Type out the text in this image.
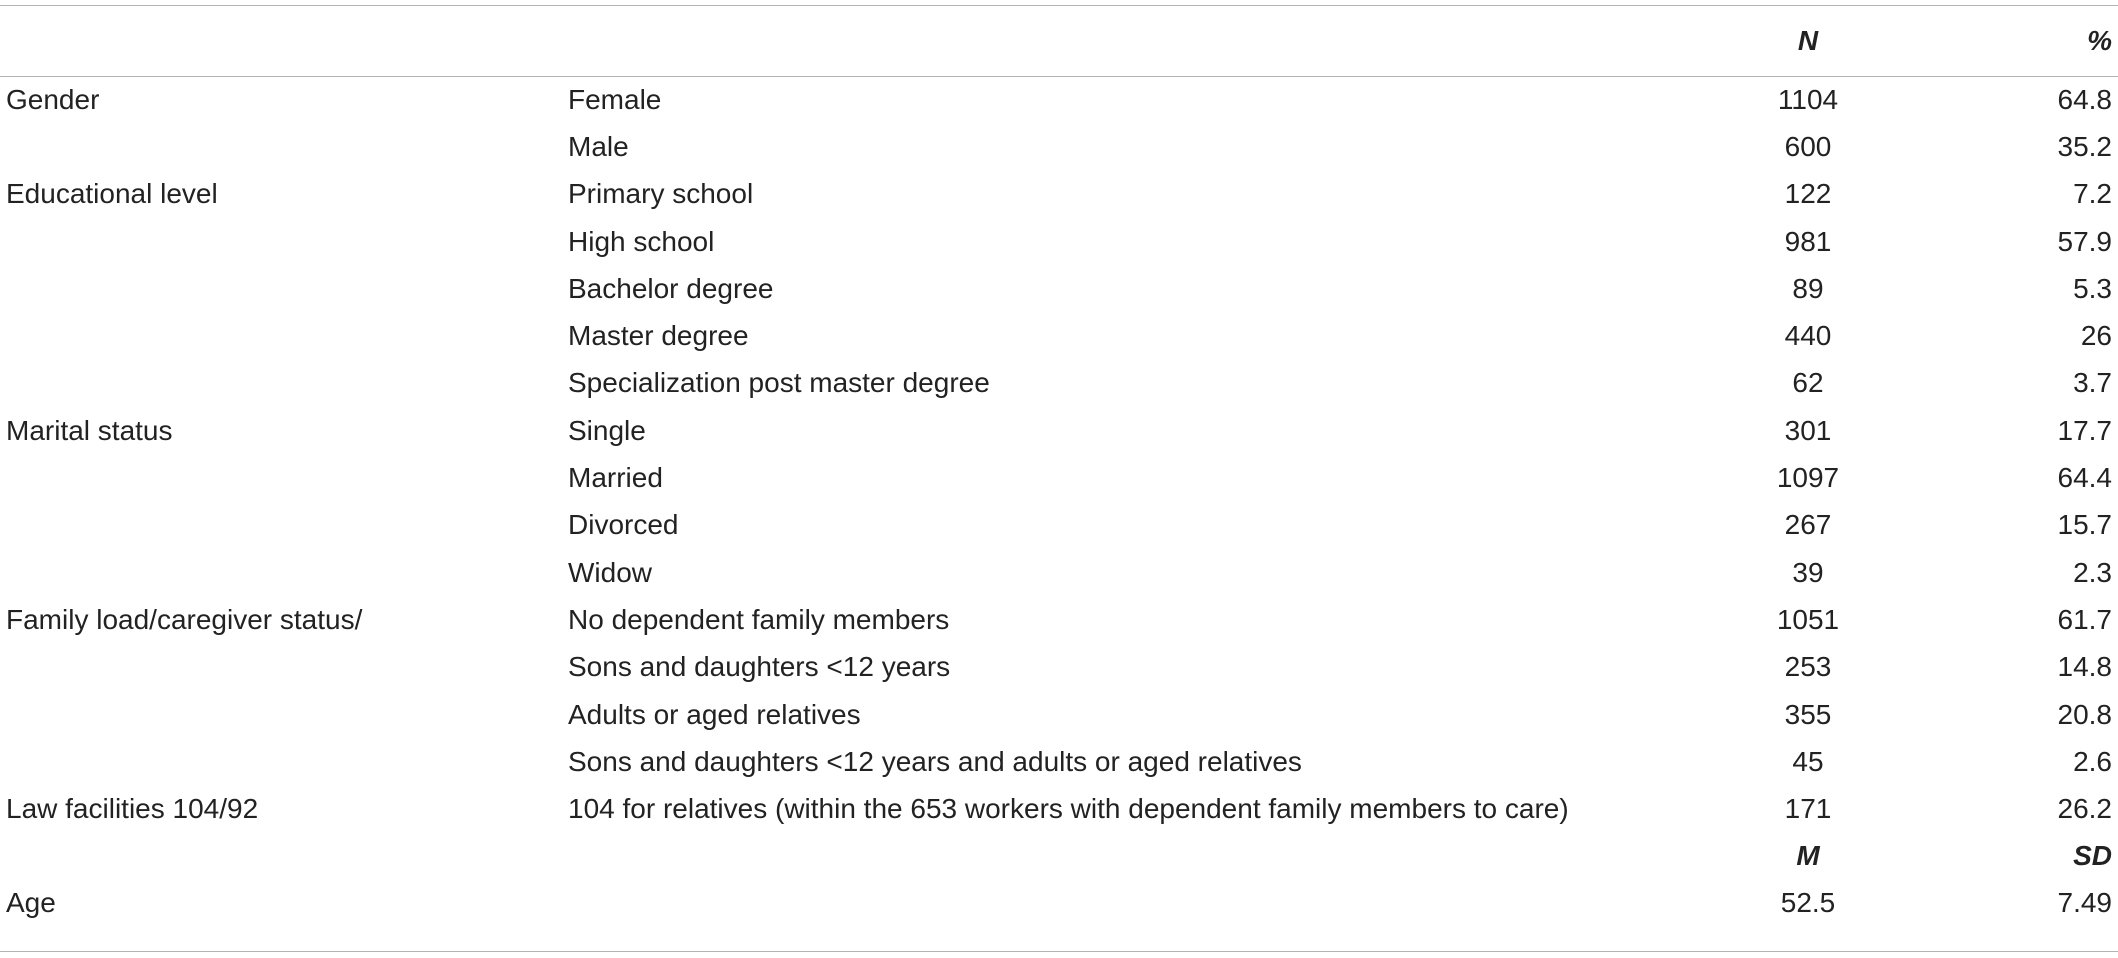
		N	%
Gender	Female	1104	64.8
	Male	600	35.2
Educational level	Primary school	122	7.2
	High school	981	57.9
	Bachelor degree	89	5.3
	Master degree	440	26
	Specialization post master degree	62	3.7
Marital status	Single	301	17.7
	Married	1097	64.4
	Divorced	267	15.7
	Widow	39	2.3
Family load/caregiver status/	No dependent family members	1051	61.7
	Sons and daughters <12 years	253	14.8
	Adults or aged relatives	355	20.8
	Sons and daughters <12 years and adults or aged relatives	45	2.6
Law facilities 104/92	104 for relatives (within the 653 workers with dependent family members to care)	171	26.2
		M	SD
Age		52.5	7.49
